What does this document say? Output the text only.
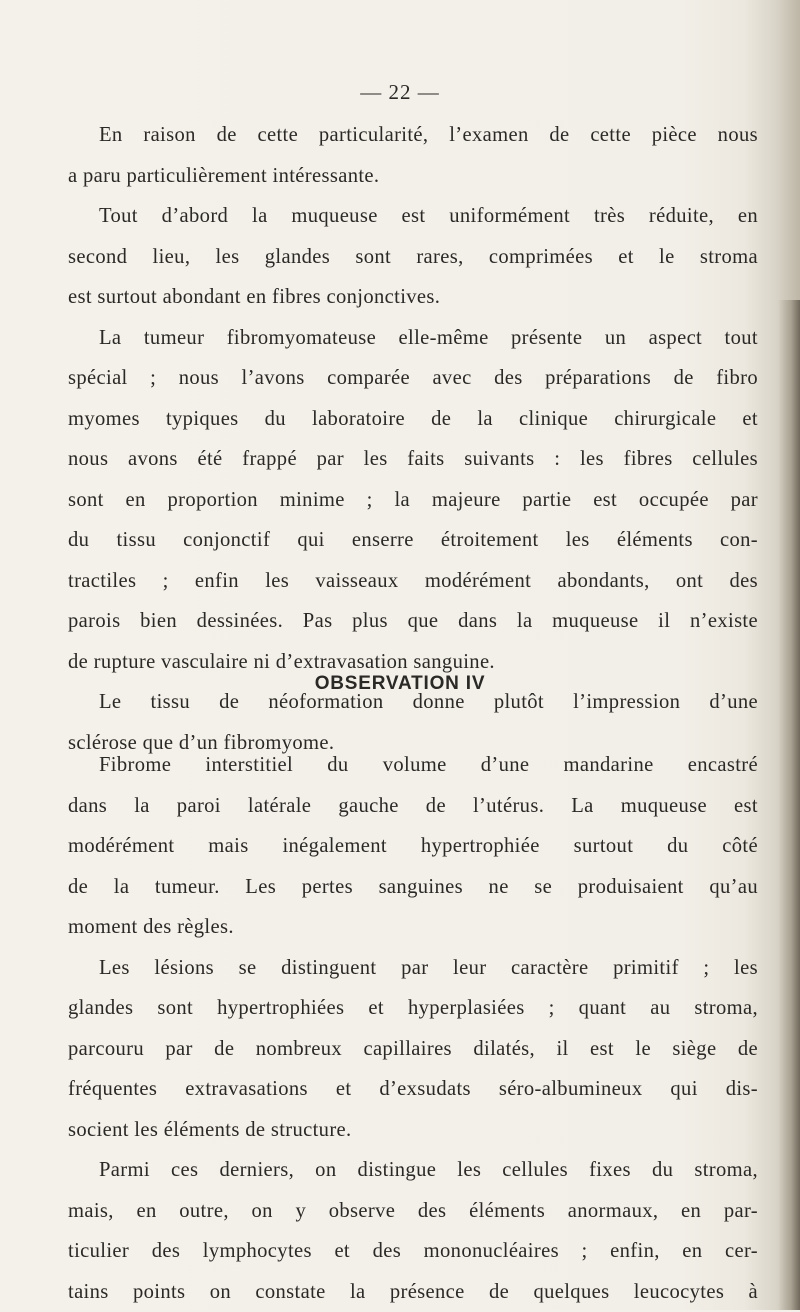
— 22 —

En raison de cette particularité, l’examen de cette pièce nous
a paru particulièrement intéressante.
Tout d’abord la muqueuse est uniformément très réduite, en
second lieu, les glandes sont rares, comprimées et le stroma
est surtout abondant en fibres conjonctives.
La tumeur fibromyomateuse elle-même présente un aspect tout
spécial ; nous l’avons comparée avec des préparations de fibro
myomes typiques du laboratoire de la clinique chirurgicale et
nous avons été frappé par les faits suivants : les fibres cellules
sont en proportion minime ; la majeure partie est occupée par
du tissu conjonctif qui enserre étroitement les éléments con-
tractiles ; enfin les vaisseaux modérément abondants, ont des
parois bien dessinées. Pas plus que dans la muqueuse il n’existe
de rupture vasculaire ni d’extravasation sanguine.
Le tissu de néoformation donne plutôt l’impression d’une
sclérose que d’un fibromyome.

OBSERVATION IV

Fibrome interstitiel du volume d’une mandarine encastré
dans la paroi latérale gauche de l’utérus. La muqueuse est
modérément mais inégalement hypertrophiée surtout du côté
de la tumeur. Les pertes sanguines ne se produisaient qu’au
moment des règles.
Les lésions se distinguent par leur caractère primitif ; les
glandes sont hypertrophiées et hyperplasiées ; quant au stroma,
parcouru par de nombreux capillaires dilatés, il est le siège de
fréquentes extravasations et d’exsudats séro-albumineux qui dis-
socient les éléments de structure.
Parmi ces derniers, on distingue les cellules fixes du stroma,
mais, en outre, on y observe des éléments anormaux, en par-
ticulier des lymphocytes et des mononucléaires ; enfin, en cer-
tains points on constate la présence de quelques leucocytes à
